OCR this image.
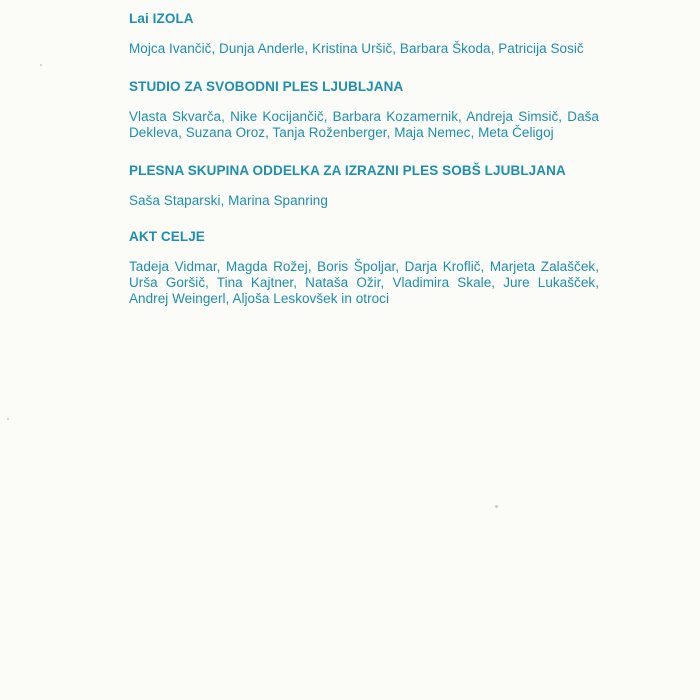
Lai IZOLA

Mojca Ivančič, Dunja Anderle, Kristina Uršič, Barbara Škoda, Patricija Sosič

STUDIO ZA SVOBODNI PLES LJUBLJANA

Vlasta Skvarča, Nike Kocijančič, Barbara Kozamernik, Andreja Simsič, Daša Dekleva, Suzana Oroz, Tanja Roženberger, Maja Nemec, Meta Čeligoj

PLESNA SKUPINA ODDELKA ZA IZRAZNI PLES SOBŠ LJUBLJANA

Saša Staparski, Marina Spanring

AKT CELJE

Tadeja Vidmar, Magda Rožej, Boris Špoljar, Darja Kroflič, Marjeta Zalašček, Urša Goršič, Tina Kajtner, Nataša Ožir, Vladimira Skale, Jure Lukašček, Andrej Weingerl, Aljoša Leskovšek in otroci
